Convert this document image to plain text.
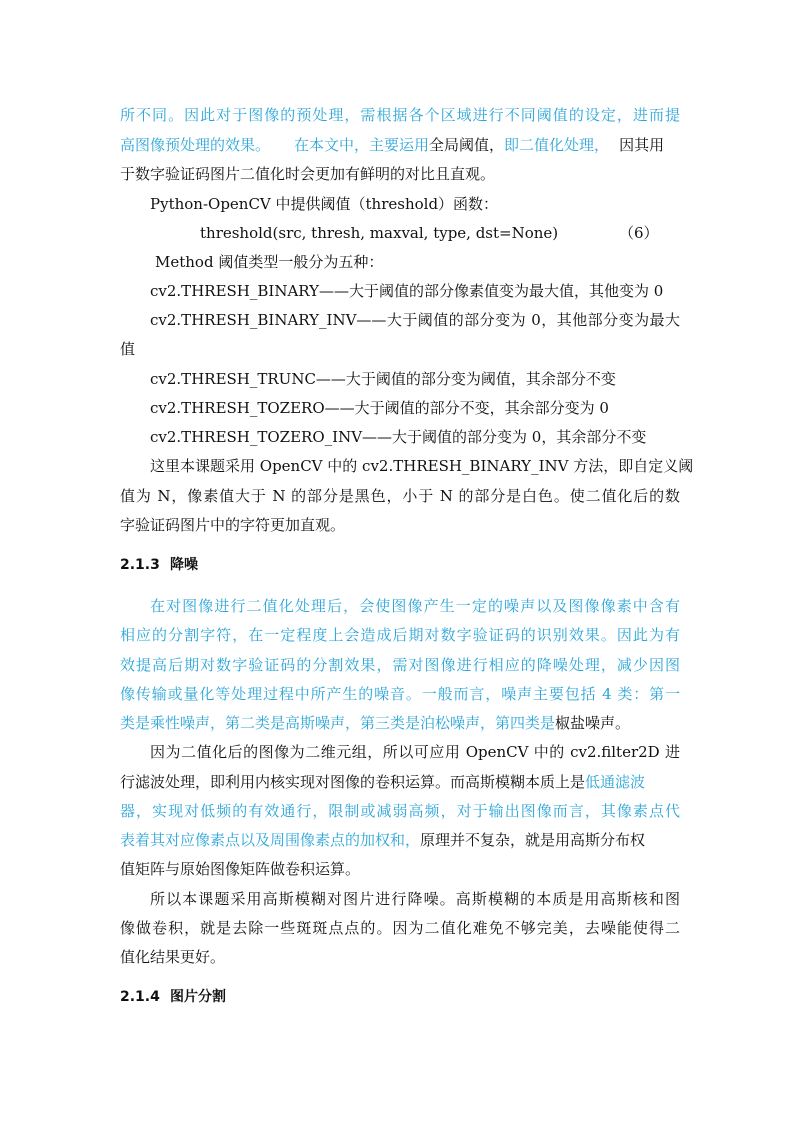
所不同。因此对于图像的预处理，需根据各个区域进行不同阈值的设定，进而提
高图像预处理的效果。 在本文中，主要运用全局阈值，即二值化处理， 因其用
于数字验证码图片二值化时会更加有鲜明的对比且直观。
Python-OpenCV 中提供阈值（threshold）函数：
threshold(src, thresh, maxval, type, dst=None)	（6）
Method 阈值类型一般分为五种：
cv2.THRESH_BINARY——大于阈值的部分像素值变为最大值，其他变为 0
cv2.THRESH_BINARY_INV——大于阈值的部分变为 0，其他部分变为最大
值
cv2.THRESH_TRUNC——大于阈值的部分变为阈值，其余部分不变
cv2.THRESH_TOZERO——大于阈值的部分不变，其余部分变为 0
cv2.THRESH_TOZERO_INV——大于阈值的部分变为 0，其余部分不变
这里本课题采用 OpenCV 中的 cv2.THRESH_BINARY_INV 方法，即自定义阈
值为 N，像素值大于 N 的部分是黑色，小于 N 的部分是白色。使二值化后的数
字验证码图片中的字符更加直观。
2.1.3 降噪
在对图像进行二值化处理后，会使图像产生一定的噪声以及图像像素中含有
相应的分割字符，在一定程度上会造成后期对数字验证码的识别效果。因此为有
效提高后期对数字验证码的分割效果，需对图像进行相应的降噪处理，减少因图
像传输或量化等处理过程中所产生的噪音。一般而言，噪声主要包括 4 类：第一
类是乘性噪声，第二类是高斯噪声，第三类是泊松噪声，第四类是椒盐噪声。
因为二值化后的图像为二维元组，所以可应用 OpenCV 中的 cv2.filter2D 进
行滤波处理，即利用内核实现对图像的卷积运算。而高斯模糊本质上是低通滤波
器，实现对低频的有效通行，限制或减弱高频，对于输出图像而言，其像素点代
表着其对应像素点以及周围像素点的加权和，原理并不复杂，就是用高斯分布权
值矩阵与原始图像矩阵做卷积运算。
所以本课题采用高斯模糊对图片进行降噪。高斯模糊的本质是用高斯核和图
像做卷积，就是去除一些斑斑点点的。因为二值化难免不够完美，去噪能使得二
值化结果更好。
2.1.4 图片分割
